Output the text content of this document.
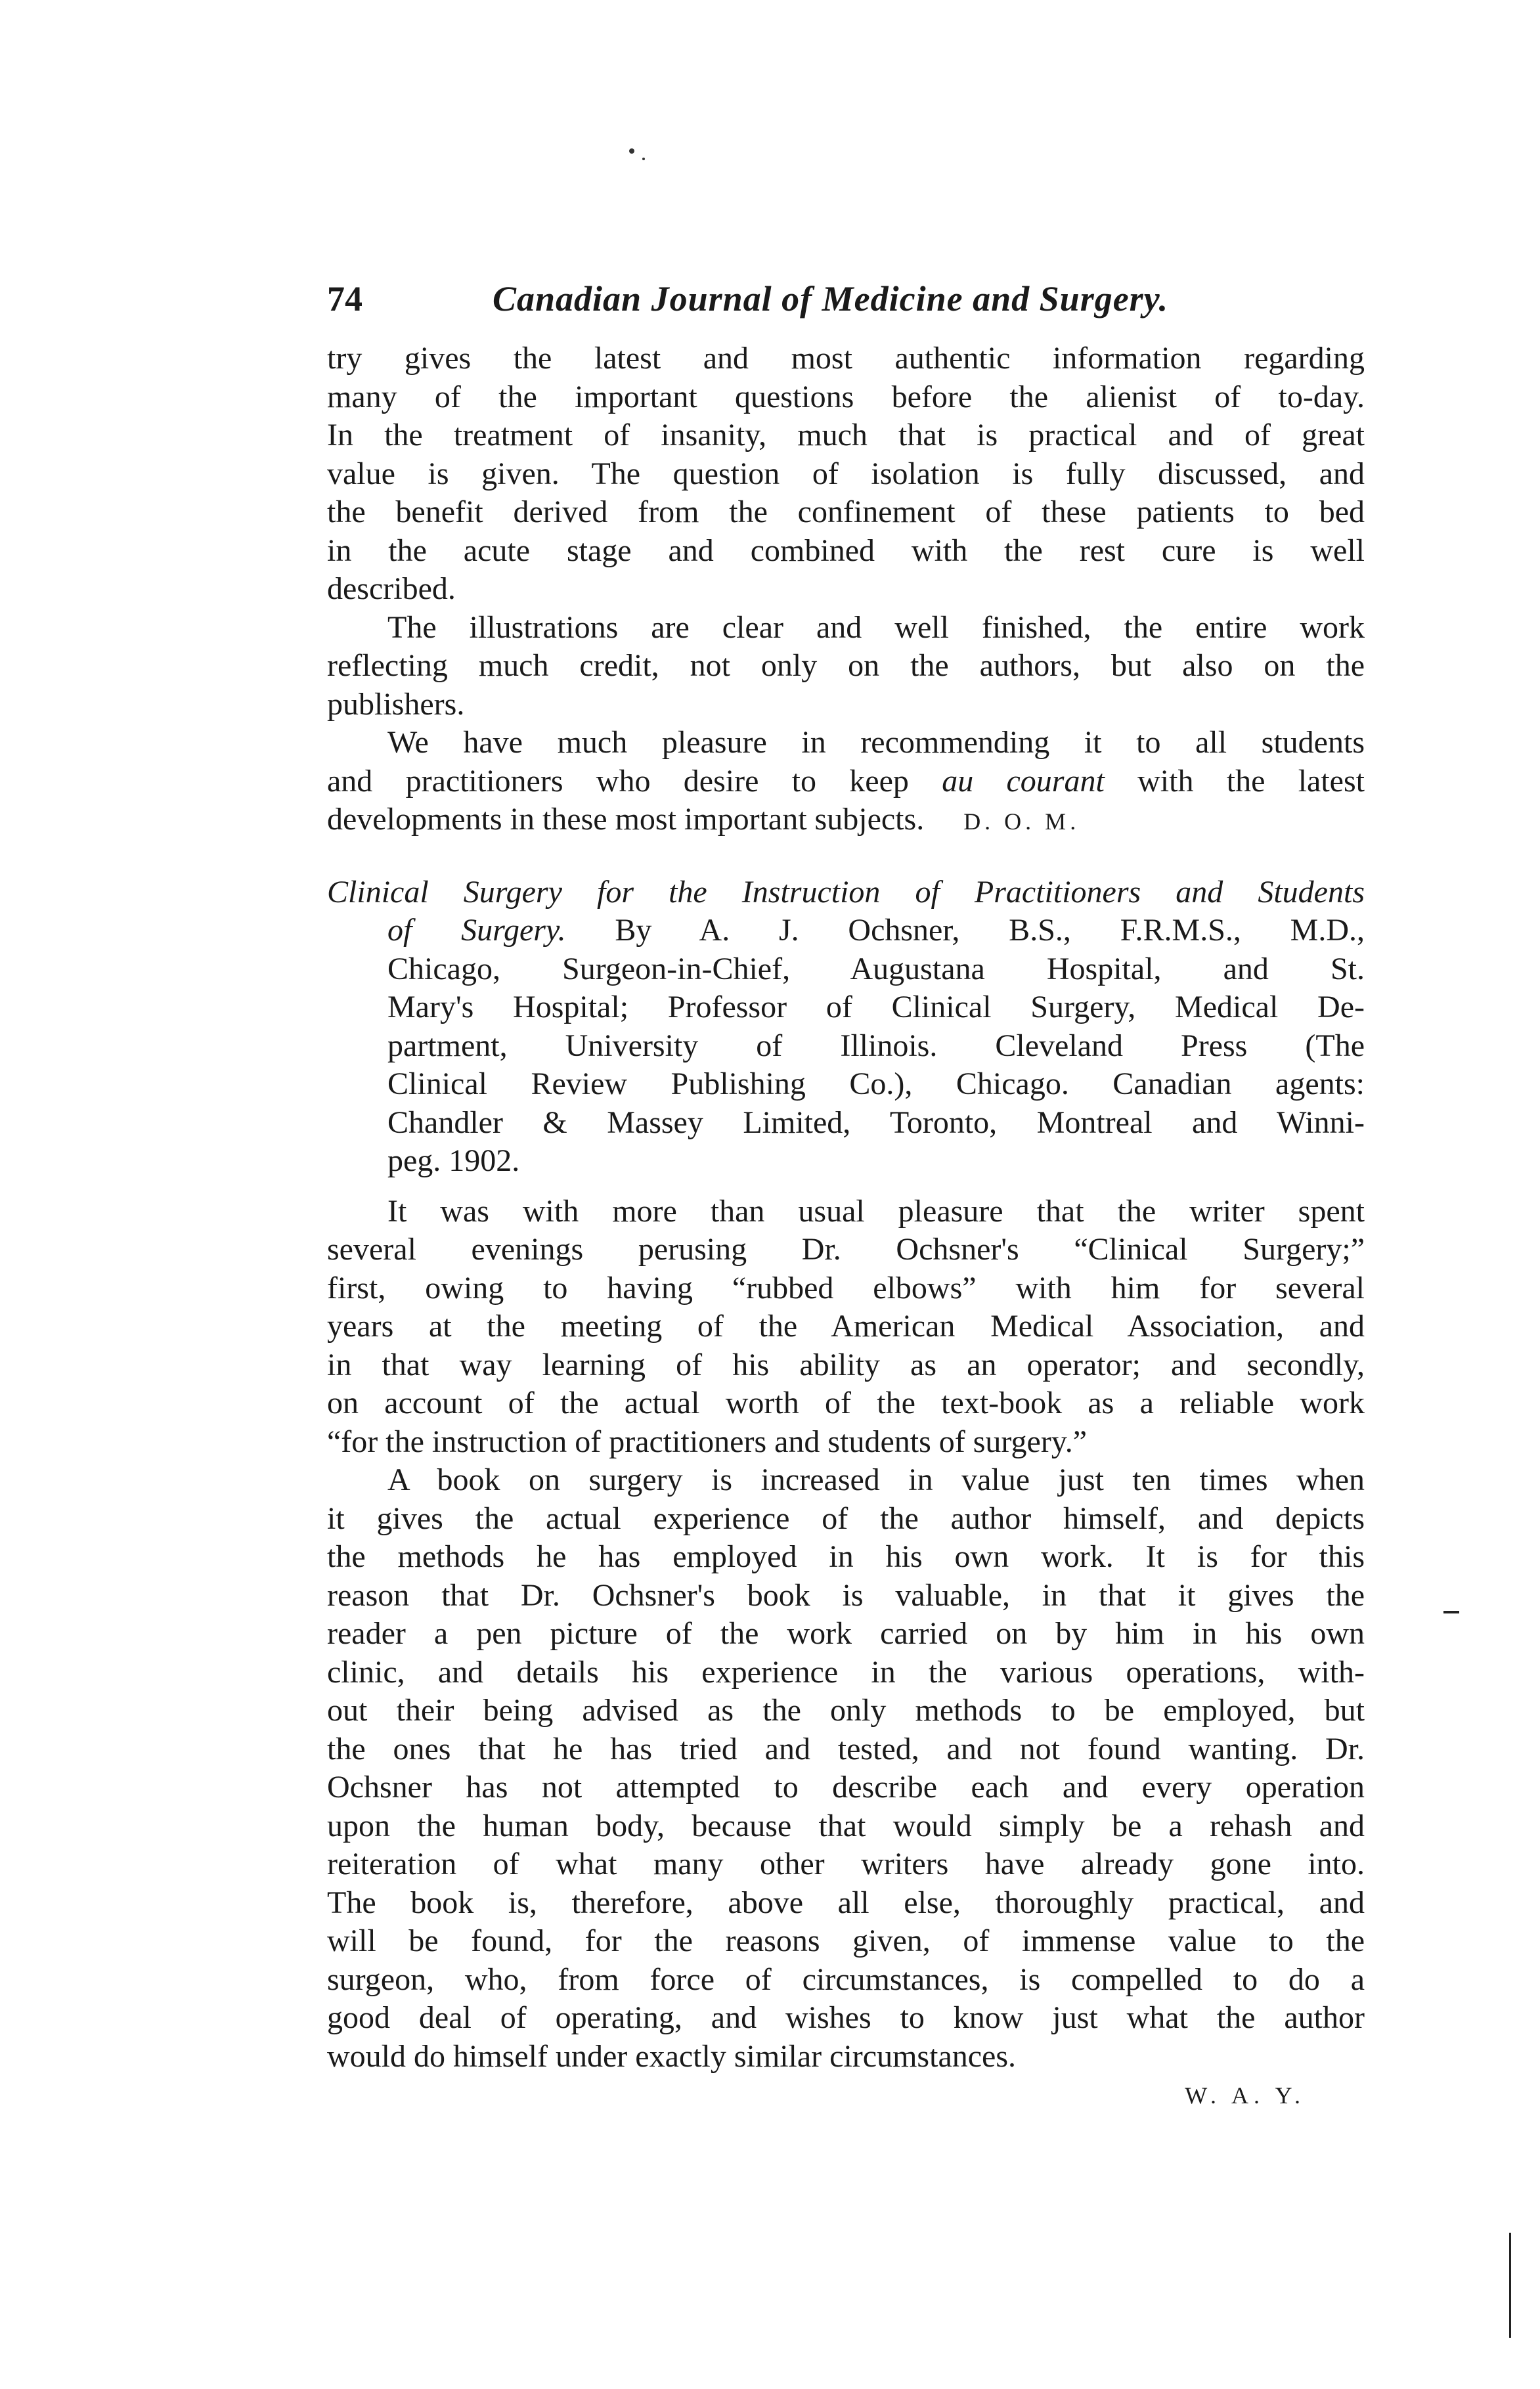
74	Canadian Journal of Medicine and Surgery.
try gives the latest and most authentic information regarding
many of the important questions before the alienist of to-day.
In the treatment of insanity, much that is practical and of great
value is given. The question of isolation is fully discussed, and
the benefit derived from the confinement of these patients to bed
in the acute stage and combined with the rest cure is well
described.
The illustrations are clear and well finished, the entire work
reflecting much credit, not only on the authors, but also on the
publishers.
We have much pleasure in recommending it to all students
and practitioners who desire to keep au courant with the latest
developments in these most important subjects. D. O. M.
Clinical Surgery for the Instruction of Practitioners and Students
of Surgery. By A. J. Ochsner, B.S., F.R.M.S., M.D.,
Chicago, Surgeon-in-Chief, Augustana Hospital, and St.
Mary's Hospital; Professor of Clinical Surgery, Medical De-
partment, University of Illinois. Cleveland Press (The
Clinical Review Publishing Co.), Chicago. Canadian agents:
Chandler & Massey Limited, Toronto, Montreal and Winni-
peg. 1902.
It was with more than usual pleasure that the writer spent
several evenings perusing Dr. Ochsner's “Clinical Surgery;”
first, owing to having “rubbed elbows” with him for several
years at the meeting of the American Medical Association, and
in that way learning of his ability as an operator; and secondly,
on account of the actual worth of the text-book as a reliable work
“for the instruction of practitioners and students of surgery.”
A book on surgery is increased in value just ten times when
it gives the actual experience of the author himself, and depicts
the methods he has employed in his own work. It is for this
reason that Dr. Ochsner's book is valuable, in that it gives the
reader a pen picture of the work carried on by him in his own
clinic, and details his experience in the various operations, with-
out their being advised as the only methods to be employed, but
the ones that he has tried and tested, and not found wanting. Dr.
Ochsner has not attempted to describe each and every operation
upon the human body, because that would simply be a rehash and
reiteration of what many other writers have already gone into.
The book is, therefore, above all else, thoroughly practical, and
will be found, for the reasons given, of immense value to the
surgeon, who, from force of circumstances, is compelled to do a
good deal of operating, and wishes to know just what the author
would do himself under exactly similar circumstances.
W. A. Y.
